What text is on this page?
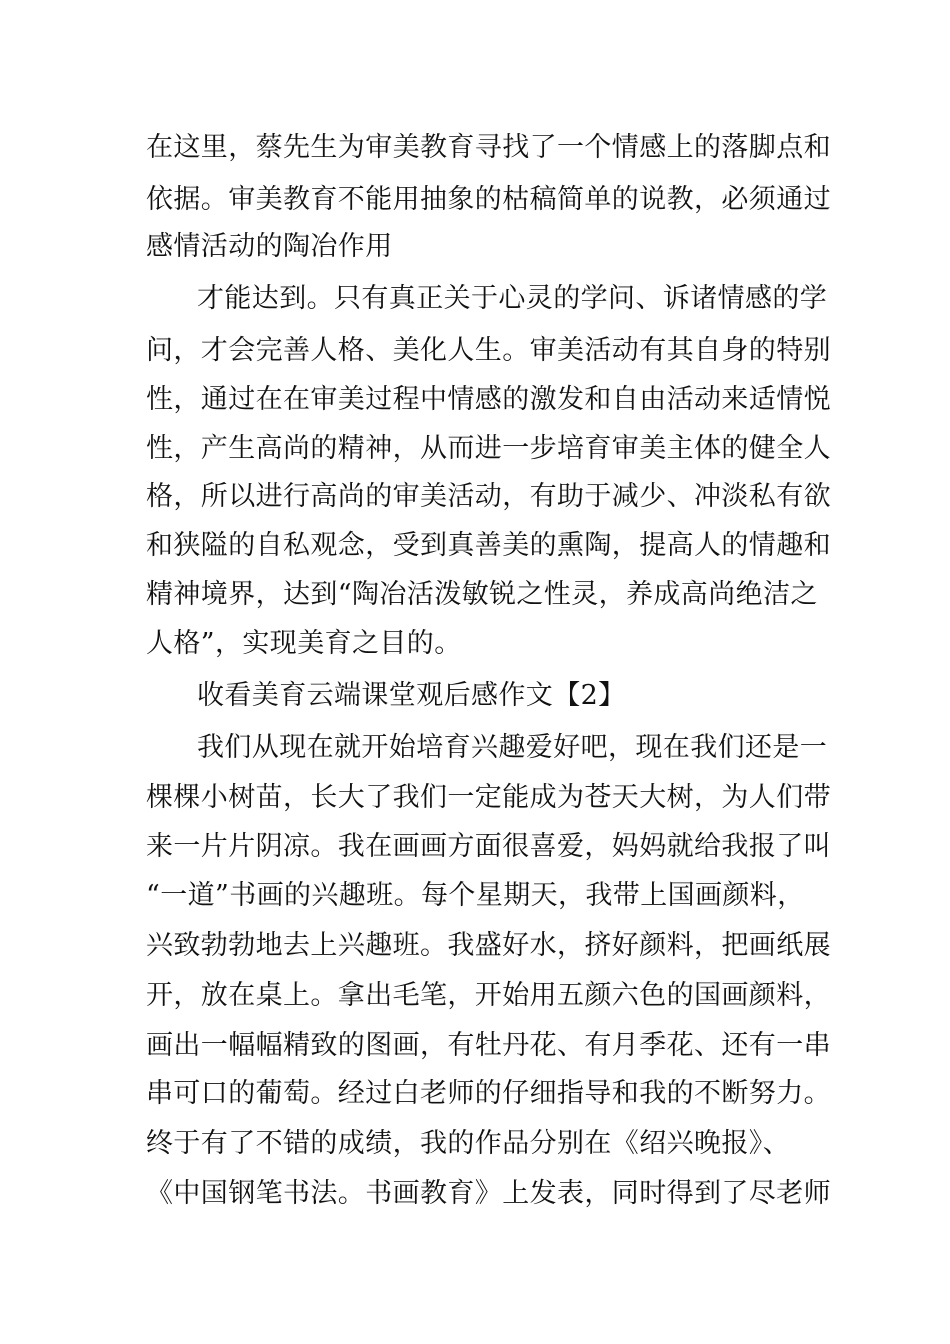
在这里，蔡先生为审美教育寻找了一个情感上的落脚点和
依据。审美教育不能用抽象的枯稿简单的说教，必须通过
感情活动的陶冶作用
才能达到。只有真正关于心灵的学问、诉诸情感的学
问，才会完善人格、美化人生。审美活动有其自身的特别
性，通过在在审美过程中情感的激发和自由活动来适情悦
性，产生高尚的精神，从而进一步培育审美主体的健全人
格，所以进行高尚的审美活动，有助于减少、冲淡私有欲
和狭隘的自私观念，受到真善美的熏陶，提高人的情趣和
精神境界，达到“陶冶活泼敏锐之性灵，养成高尚绝洁之
人格”，实现美育之目的。
收看美育云端课堂观后感作文【2】
我们从现在就开始培育兴趣爱好吧，现在我们还是一
棵棵小树苗，长大了我们一定能成为苍天大树，为人们带
来一片片阴凉。我在画画方面很喜爱，妈妈就给我报了叫
“一道”书画的兴趣班。每个星期天，我带上国画颜料，
兴致勃勃地去上兴趣班。我盛好水，挤好颜料，把画纸展
开，放在桌上。拿出毛笔，开始用五颜六色的国画颜料，
画出一幅幅精致的图画，有牡丹花、有月季花、还有一串
串可口的葡萄。经过白老师的仔细指导和我的不断努力。
终于有了不错的成绩，我的作品分别在《绍兴晚报》、
《中国钢笔书法。书画教育》上发表，同时得到了尽老师
